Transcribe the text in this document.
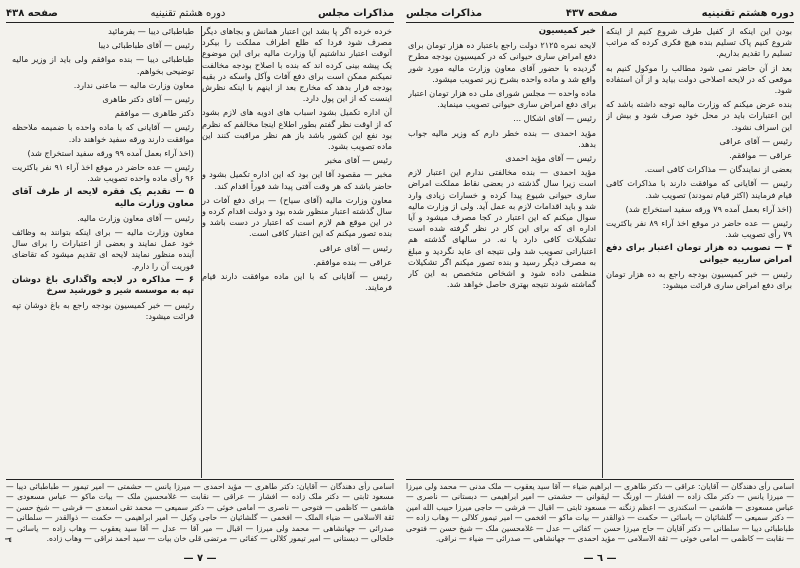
مذاکرات مجلس
دوره هشتم تقنینیه
صفحه ۴۳۸

خرده خرده اگر پا بشد این اعتبار همانش و بجاهای دیگر مصرف شود فردا که طلع اطراف مملکت را بیکرد آنوقت اعتبار نداشتیم آیا وزارت مالیه برای این موضوع یک پیشه بینی کرده اند که بنده با اصلاح بودجه مخالفت نمیکنم ممکن است برای دفع آفات وآکل واسکه در بقیه بودجه قرار بدهد که مخارج بعد از اینهم با اینکه نظرش اینست که از این پول دارد.

آن اداره تکمیل بشود اسباب های ادویه های لازم بشود که از اوقت نظر گفتم بطور اطلاع اینجا مخالفم که نظرم بود نفع این کشور باشد باز هم نظر مراقبت کنند این ماده تصویب بشود.

رئیس — آقای مخبر

مخبر — مقصود آقا این بود که این اداره تکمیل بشود و حاضر باشد که هر وقت آفتی پیدا شد فوراً اقدام کند.

معاون وزارت مالیه (آقای سیاح) — برای دفع آفات در سال گذشته اعتبار منظور شده بود و دولت اقدام کرده و در این موقع هم لازم است که اعتبار در دست باشد و بنده تصور میکنم که این اعتبار کافی است.

رئیس — آقای عراقی

عراقی — بنده موافقم.

رئیس — آقایانی که با این ماده موافقت دارند قیام فرمایند.

طباطبائی دیبا — بفرمائید

رئیس — آقای طباطبائی دیبا

طباطبائی دیبا — بنده موافقم ولی باید از وزیر مالیه توضیحی بخواهم.

معاون وزارت مالیه — ماعنی ندارد.

رئیس — آقای دکتر طاهری

دکتر طاهری — موافقم

رئیس — آقایانی که با ماده واحده با ضمیمه ملاحظه موافقت دارند ورقه سفید خواهند داد.

(اخذ آراء بعمل آمده ۹۹ ورقه سفید استخراج شد)

رئیس — عده حاضر در موقع اخذ آراء ۹۱ نفر باکثریت ۹۶ رأی ماده واحده تصویب شد.

۵ — تقدیم یک فقره لایحه از طرف آقای معاون وزارت مالیه

رئیس — آقای معاون وزارت مالیه.

معاون وزارت مالیه — برای اینکه بتوانند به وظائف خود عمل نمایند و بعضی از اعتبارات را برای سال آینده منظور نمایند لایحه ای تقدیم میشود که تقاضای فوریت آن را دارم.

۶ — مذاکره در لایحه واگذاری باغ دوشان تپه به موسسه شیر و خورشید سرخ

رئیس — خبر کمیسیون بودجه راجع به باغ دوشان تپه قرائت میشود:

اسامی رأی دهندگان — آقایان: دکتر طاهری — مؤید احمدی — میرزا یانس — حشمتی — امیر تیمور — طباطبائی دیبا — مسعود ثابتی — دکتر ملک زاده — افشار — عراقی — نقابت — غلامحسین ملک — بیات ماکو — عباس مسعودی — هاشمی — کاظمی — فتوحی — ناصری — امامی خوئی — دکتر سمیعی — محمد تقی اسعدی — فرشی — شیخ حسن — ثقة الاسلامی — ضیاء الملک — افخمی — گلشائیان — حاجی وکیل — امیر ابراهیمی — حکمت — ذوالقدر — سلطانی — صدرائی — جهانشاهی — محمد ولی میرزا — اقبال — میر آقا — عدل — آقا سید یعقوب — وهاب زاده — یاسائی — خلخالی — دبستانی — امیر تیمور کلالی — کفائی — مرتضی قلی خان بیات — سید احمد نراقی — وهاب زاده.
— ٧ —
٣
دوره هشتم تقنینیه
صفحه ۴۳۷
مذاکرات مجلس

بودن این اینکه از کفیل طرف شروع کنیم از اینکه شروع کنیم پاک تسلیم بنده هیچ فکری کرده که مراتب تسلیم را تقدیم بداریم.

بعد از آن حاضر نمی شود مطالب را موکول کنیم به موقعی که در لایحه اصلاحی دولت بیاید و از آن استفاده شود.

بنده عرض میکنم که وزارت مالیه توجه داشته باشد که این اعتبارات باید در محل خود صرف شود و بیش از این اسراف نشود.

رئیس — آقای عراقی

عراقی — موافقم.

بعضی از نمایندگان — مذاکرات کافی است.

رئیس — آقایانی که موافقت دارند با مذاکرات کافی قیام فرمایند (اکثر قیام نمودند) تصویب شد.

(اخذ آراء بعمل آمده ۷۹ ورقه سفید استخراج شد)

رئیس — عده حاضر در موقع اخذ آراء ۸۹ نفر باکثریت ۷۹ رأی تصویب شد.

۴ — تصویب ده هزار تومان اعتبار برای دفع امراض سارییه حیوانی

رئیس — خبر کمیسیون بودجه راجع به ده هزار تومان برای دفع امراض ساری قرائت میشود:

خبر کمیسیون

لایحه نمره ۲۱۲۵ دولت راجع باعتبار ده هزار تومان برای دفع امراض ساری حیوانی که در کمیسیون بودجه مطرح گردیده با حضور آقای معاون وزارت مالیه مورد شور واقع شد و ماده واحده بشرح زیر تصویب میشود.

ماده واحده — مجلس شورای ملی ده هزار تومان اعتبار برای دفع امراض ساری حیوانی تصویب مینماید.

رئیس — آقای اشکال ...

مؤید احمدی — بنده خطر دارم که وزیر مالیه جواب بدهد.

رئیس — آقای مؤید احمدی

مؤید احمدی — بنده مخالفتی ندارم این اعتبار لازم است زیرا سال گذشته در بعضی نقاط مملکت امراض ساری حیوانی شیوع پیدا کرده و خسارات زیادی وارد شد و باید اقدامات لازم به عمل آید. ولی از وزارت مالیه سوال میکنم که این اعتبار در کجا مصرف میشود و آیا اداره ای که برای این کار در نظر گرفته شده است تشکیلات کافی دارد یا نه. در سالهای گذشته هم اعتباراتی تصویب شد ولی نتیجه ای عاید نگردید و مبلغ به مصرف دیگر رسید و بنده تصور میکنم اگر تشکیلات منظمی داده شود و اشخاص متخصص به این کار گماشته شوند نتیجه بهتری حاصل خواهد شد.

اسامی رأی دهندگان — آقایان: عراقی — دکتر طاهری — ابراهیم ضیاء — آقا سید یعقوب — ملک مدنی — محمد ولی میرزا — میرزا یانس — دکتر ملک زاده — افشار — اورنگ — لیقوانی — حشمتی — امیر ابراهیمی — دبستانی — ناصری — عباس مسعودی — هاشمی — اسکندری — اعظم زنگنه — مسعود ثابتی — اقبال — فرشی — حاجی میرزا حبیب الله امین — دکتر سمیعی — گلشائیان — یاسائی — حکمت — ذوالقدر — بیات ماکو — افخمی — امیر تیمور کلالی — وهاب زاده — طباطبائی دیبا — سلطانی — دکتر آقایان — حاج میرزا حسن — کفائی — عدل — غلامحسین ملک — شیخ حسن — فتوحی — نقابت — کاظمی — امامی خوئی — ثقة الاسلامی — مؤید احمدی — جهانشاهی — صدرائی — ضیاء — نراقی.
— ٦ —
